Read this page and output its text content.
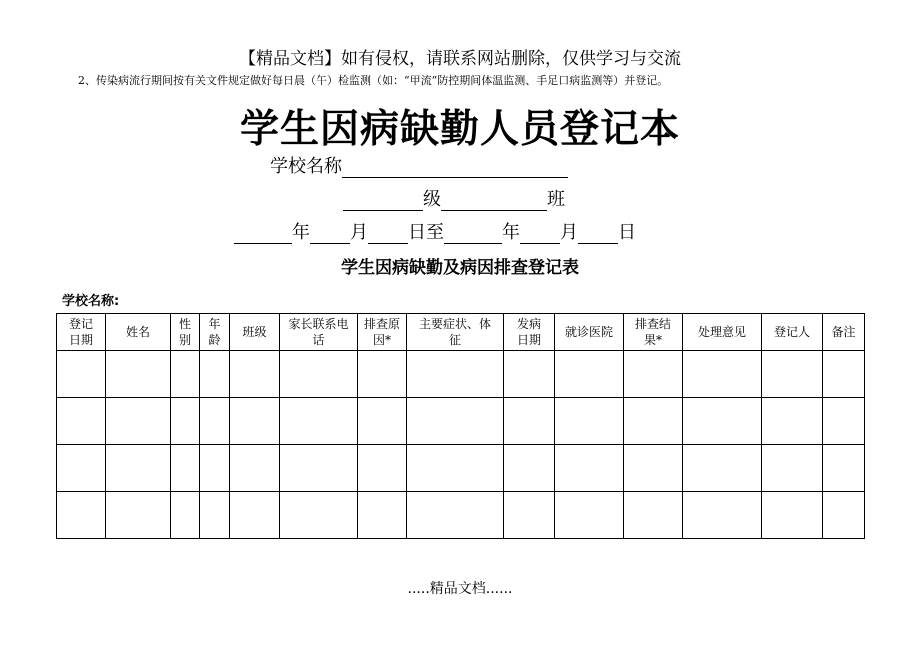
【精品文档】如有侵权，请联系网站删除，仅供学习与交流
2、传染病流行期间按有关文件规定做好每日晨（午）检监测（如：“甲流”防控期间体温监测、手足口病监测等）并登记。
学生因病缺勤人员登记本
学校名称
级	班
年 月 日至	年 月 日
学生因病缺勤及病因排查登记表
学校名称:
登记日期	姓名	性别	年龄	班级	家长联系电话	排查原因*	主要症状、体征	发病日期	就诊医院	排查结果*	处理意见	登记人	备注

.....精品文档......
